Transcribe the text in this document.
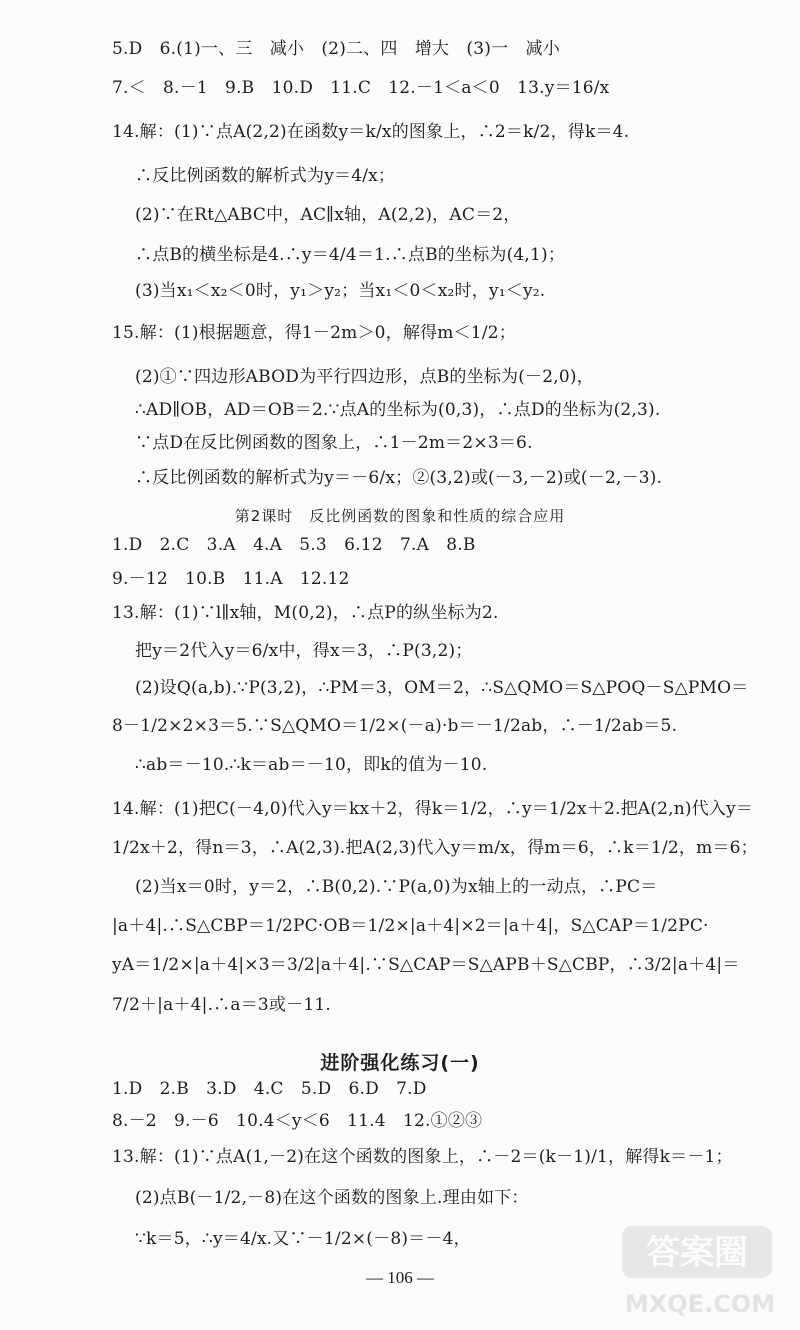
5.D　6.(1)一、三　减小　(2)二、四　增大　(3)一　减小
7.＜　8.－1　9.B　10.D　11.C　12.－1＜a＜0　13.y＝16/x
14.解：(1)∵点A(2,2)在函数y＝k/x的图象上，∴2＝k/2，得k＝4.
∴反比例函数的解析式为y＝4/x；
(2)∵在Rt△ABC中，AC∥x轴，A(2,2)，AC＝2，
∴点B的横坐标是4.∴y＝4/4＝1.∴点B的坐标为(4,1)；
(3)当x₁＜x₂＜0时，y₁＞y₂；当x₁＜0＜x₂时，y₁＜y₂.
15.解：(1)根据题意，得1－2m＞0，解得m＜1/2；
(2)①∵四边形ABOD为平行四边形，点B的坐标为(－2,0)，
∴AD∥OB，AD＝OB＝2.∵点A的坐标为(0,3)，∴点D的坐标为(2,3).
∵点D在反比例函数的图象上，∴1－2m＝2×3＝6.
∴反比例函数的解析式为y＝－6/x；②(3,2)或(－3,－2)或(－2,－3).
第2课时　反比例函数的图象和性质的综合应用
1.D　2.C　3.A　4.A　5.3　6.12　7.A　8.B
9.－12　10.B　11.A　12.12
13.解：(1)∵l∥x轴，M(0,2)，∴点P的纵坐标为2.
把y＝2代入y＝6/x中，得x＝3，∴P(3,2)；
(2)设Q(a,b).∵P(3,2)，∴PM＝3，OM＝2，∴S△QMO＝S△POQ－S△PMO＝
8－1/2×2×3＝5.∵S△QMO＝1/2×(－a)·b＝－1/2ab，∴－1/2ab＝5.
∴ab＝－10.∴k＝ab＝－10，即k的值为－10.
14.解：(1)把C(－4,0)代入y＝kx＋2，得k＝1/2，∴y＝1/2x＋2.把A(2,n)代入y＝
1/2x＋2，得n＝3，∴A(2,3).把A(2,3)代入y＝m/x，得m＝6，∴k＝1/2，m＝6；
(2)当x＝0时，y＝2，∴B(0,2).∵P(a,0)为x轴上的一动点，∴PC＝
|a＋4|.∴S△CBP＝1/2PC·OB＝1/2×|a＋4|×2＝|a＋4|，S△CAP＝1/2PC·
yA＝1/2×|a＋4|×3＝3/2|a＋4|.∵S△CAP＝S△APB＋S△CBP，∴3/2|a＋4|＝
7/2＋|a＋4|.∴a＝3或－11.
进阶强化练习(一)
1.D　2.B　3.D　4.C　5.D　6.D　7.D
8.－2　9.－6　10.4＜y＜6　11.4　12.①②③
13.解：(1)∵点A(1,－2)在这个函数的图象上，∴－2＝(k－1)/1，解得k＝－1；
(2)点B(－1/2,－8)在这个函数的图象上.理由如下：
∵k＝5，∴y＝4/x.又∵－1/2×(－8)＝－4，
— 106 —
答案圈
MXQE.COM
